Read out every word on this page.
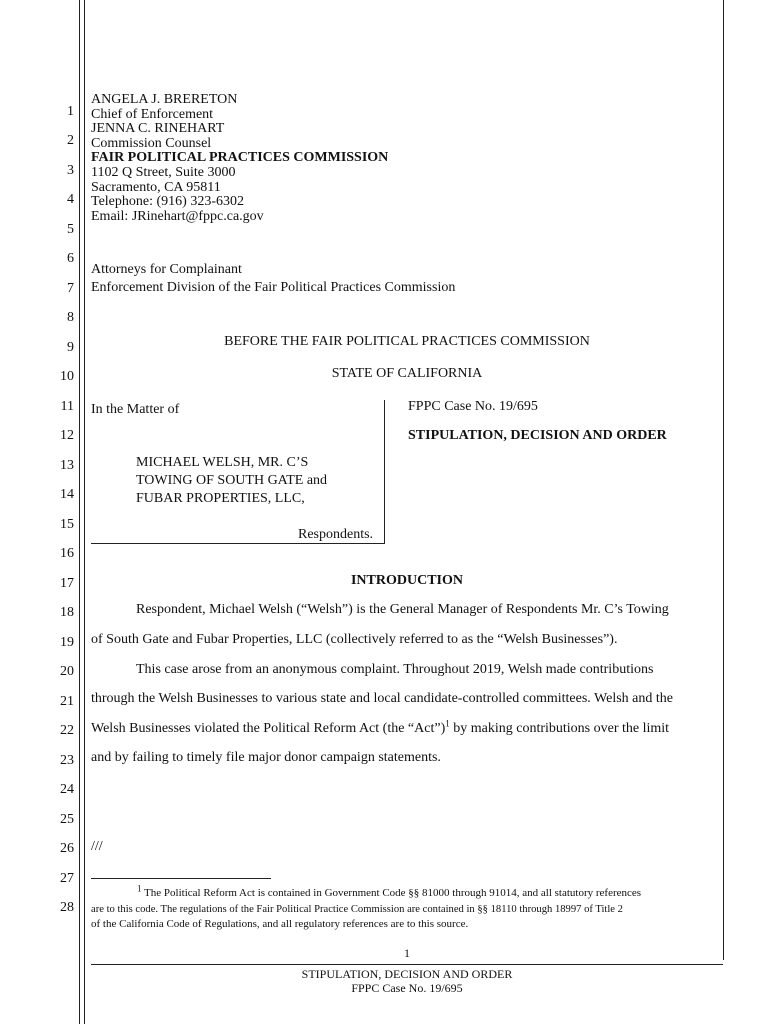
1
2
3
4
5
6
7
8
9
10
11
12
13
14
15
16
17
18
19
20
21
22
23
24
25
26
27
28
ANGELA J. BRERETON
Chief of Enforcement
JENNA C. RINEHART
Commission Counsel
FAIR POLITICAL PRACTICES COMMISSION
1102 Q Street, Suite 3000
Sacramento, CA 95811
Telephone: (916) 323-6302
Email: JRinehart@fppc.ca.gov
Attorneys for Complainant
Enforcement Division of the Fair Political Practices Commission
BEFORE THE FAIR POLITICAL PRACTICES COMMISSION
STATE OF CALIFORNIA
In the Matter of
MICHAEL WELSH, MR. C’S
TOWING OF SOUTH GATE and
FUBAR PROPERTIES, LLC,
Respondents.
FPPC Case No. 19/695
STIPULATION, DECISION AND ORDER
INTRODUCTION
Respondent, Michael Welsh (“Welsh”) is the General Manager of Respondents Mr. C’s Towing
of South Gate and Fubar Properties, LLC (collectively referred to as the “Welsh Businesses”).
This case arose from an anonymous complaint. Throughout 2019, Welsh made contributions
through the Welsh Businesses to various state and local candidate-controlled committees. Welsh and the
Welsh Businesses violated the Political Reform Act (the “Act”)$^1$ by making contributions over the limit
and by failing to timely file major donor campaign statements.
///
$^1$ The Political Reform Act is contained in Government Code §§ 81000 through 91014, and all statutory references
are to this code. The regulations of the Fair Political Practice Commission are contained in §§ 18110 through 18997 of Title 2
of the California Code of Regulations, and all regulatory references are to this source.
1
STIPULATION, DECISION AND ORDER
FPPC Case No. 19/695
